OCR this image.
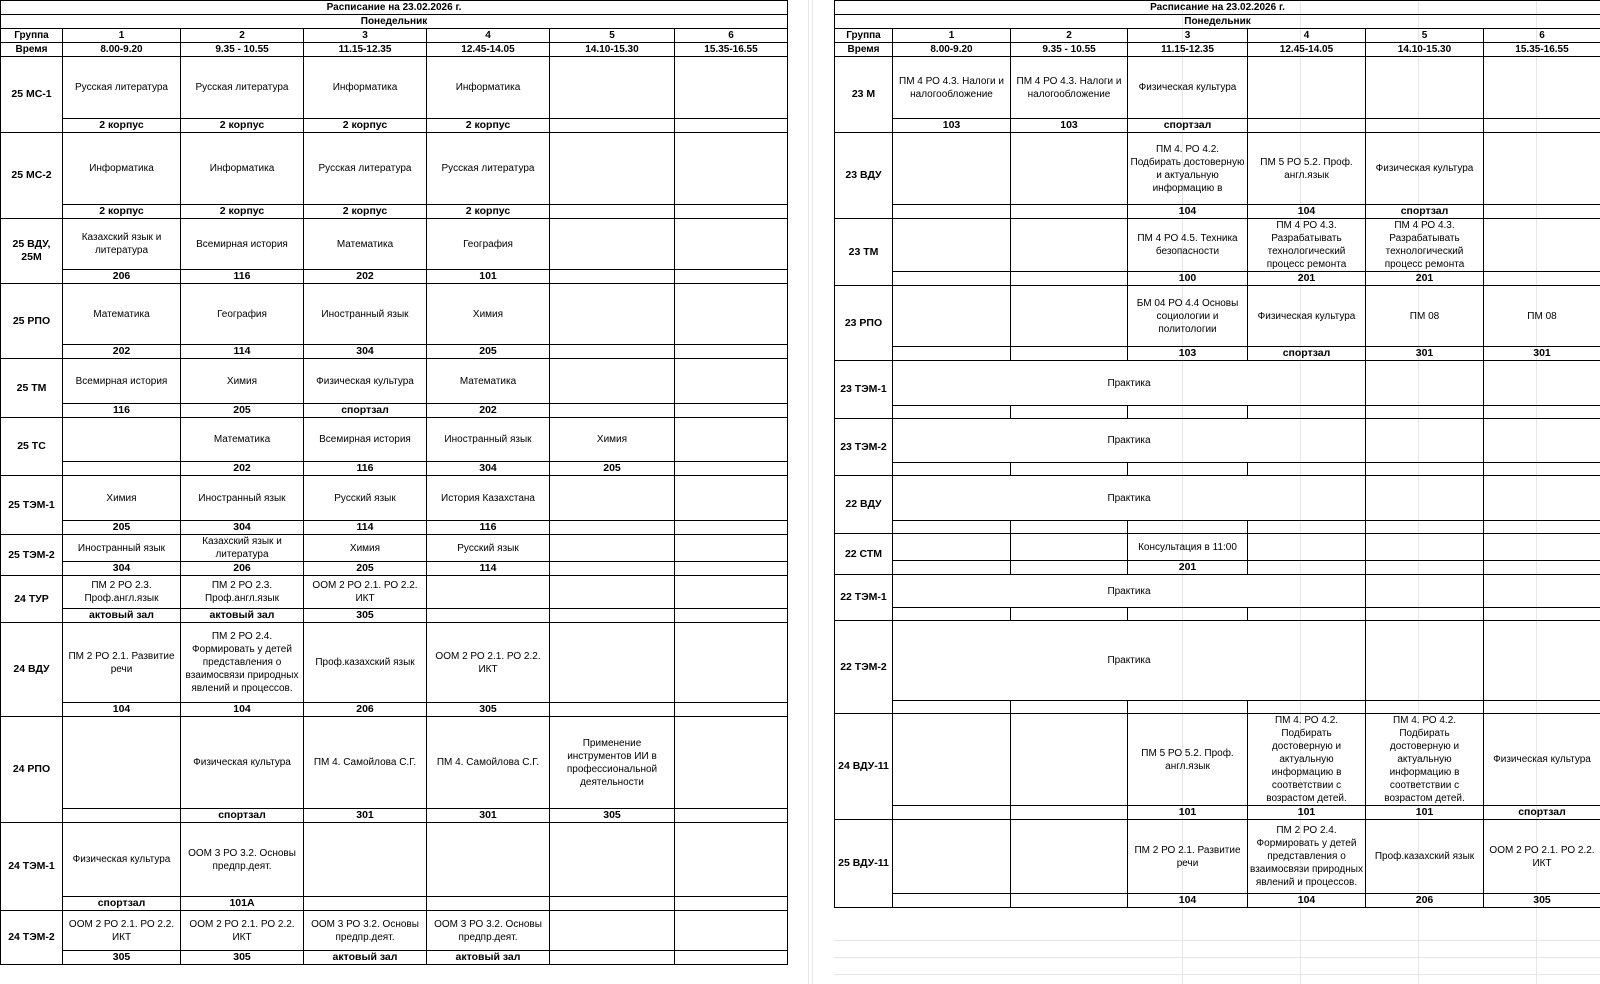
Расписание на 23.02.2026 г.						
Понедельник						
Группа	1	2	3	4	5	6
Время	8.00-9.20	9.35 - 10.55	11.15-12.35	12.45-14.05	14.10-15.30	15.35-16.55
25 МС-1	Русская литература	Русская литература	Информатика	Информатика		
	2 корпус	2 корпус	2 корпус	2 корпус		
25 МС-2	Информатика	Информатика	Русская литература	Русская литература		
	2 корпус	2 корпус	2 корпус	2 корпус		
25 ВДУ, 25М	Казахский язык и литература	Всемирная история	Математика	География		
	206	116	202	101		
25 РПО	Математика	География	Иностранный язык	Химия		
	202	114	304	205		
25 ТМ	Всемирная история	Химия	Физическая культура	Математика		
	116	205	спортзал	202		
25 ТС		Математика	Всемирная история	Иностранный язык	Химия	
		202	116	304	205	
25 ТЭМ-1	Химия	Иностранный язык	Русский язык	История Казахстана		
	205	304	114	116		
25 ТЭМ-2	Иностранный язык	Казахский язык и литература	Химия	Русский язык		
	304	206	205	114		
24 ТУР	ПМ 2 РО 2.3. Проф.англ.язык	ПМ 2 РО 2.3. Проф.англ.язык	ООМ 2 РО 2.1. РО 2.2. ИКТ			
	актовый зал	актовый зал	305			
24 ВДУ	ПМ 2 РО 2.1. Развитие речи	ПМ 2 РО 2.4. Формировать у детей представления о взаимосвязи природных явлений и процессов.	Проф.казахский язык	ООМ 2 РО 2.1. РО 2.2. ИКТ		
	104	104	206	305		
24 РПО		Физическая культура	ПМ 4. Самойлова С.Г.	ПМ 4. Самойлова С.Г.	Применение инструментов ИИ в профессиональной деятельности	
		спортзал	301	301	305	
24 ТЭМ-1	Физическая культура	ООМ 3 РО 3.2. Основы предпр.деят.				
	спортзал	101А				
24 ТЭМ-2	ООМ 2 РО 2.1. РО 2.2. ИКТ	ООМ 2 РО 2.1. РО 2.2. ИКТ	ООМ 3 РО 3.2. Основы предпр.деят.	ООМ 3 РО 3.2. Основы предпр.деят.		
	305	305	актовый зал	актовый зал		
Расписание на 23.02.2026 г.						
Понедельник						
Группа	1	2	3	4	5	6
Время	8.00-9.20	9.35 - 10.55	11.15-12.35	12.45-14.05	14.10-15.30	15.35-16.55
23 М	ПМ 4 РО 4.3. Налоги и налогообложение	ПМ 4 РО 4.3. Налоги и налогообложение	Физическая культура			
	103	103	спортзал			
23 ВДУ			ПМ 4. РО 4.2. Подбирать достоверную и актуальную информацию в	ПМ 5 РО 5.2. Проф. англ.язык	Физическая культура	
			104	104	спортзал	
23 ТМ			ПМ 4 РО 4.5. Техника безопасности	ПМ 4 РО 4.3. Разрабатывать технологический процесс ремонта	ПМ 4 РО 4.3. Разрабатывать технологический процесс ремонта	
			100	201	201	
23 РПО			БМ 04 РО 4.4 Основы социологии и политологии	Физическая культура	ПМ 08	ПМ 08
			103	спортзал	301	301
23 ТЭМ-1	Практика					

23 ТЭМ-2	Практика					

22 ВДУ	Практика					

22 СТМ			Консультация в 11:00			
			201			
22 ТЭМ-1	Практика					

22 ТЭМ-2	Практика					

24 ВДУ-11			ПМ 5 РО 5.2. Проф. англ.язык	ПМ 4. РО 4.2. Подбирать достоверную и актуальную информацию в соответствии с возрастом детей.	ПМ 4. РО 4.2. Подбирать достоверную и актуальную информацию в соответствии с возрастом детей.	Физическая культура
			101	101	101	спортзал
25 ВДУ-11			ПМ 2 РО 2.1. Развитие речи	ПМ 2 РО 2.4. Формировать у детей представления о взаимосвязи природных явлений и процессов.	Проф.казахский язык	ООМ 2 РО 2.1. РО 2.2. ИКТ
			104	104	206	305
